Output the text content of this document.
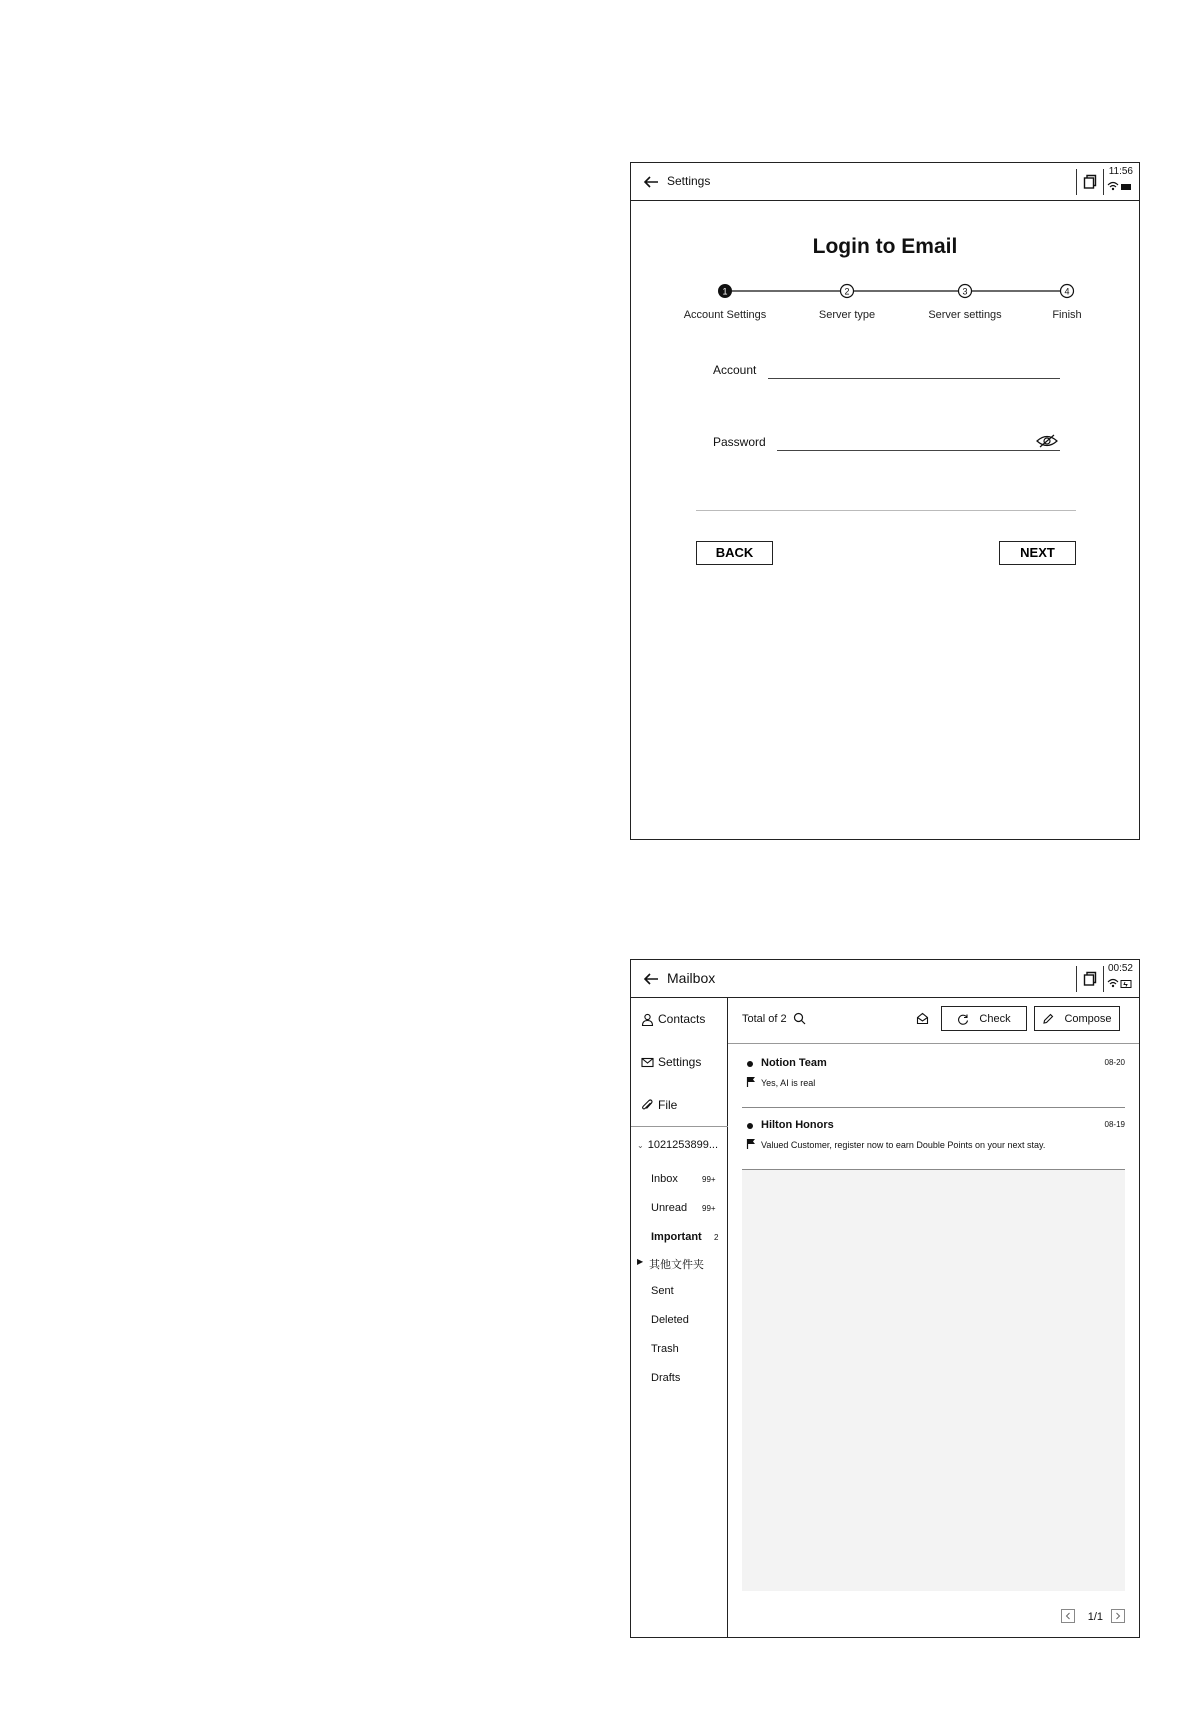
Settings
11:56
Login to Email
1	2	3	4
Account Settings	Server type	Server settings	Finish
Account
Password
BACK	NEXT
Mailbox
00:52
Contacts
Settings
File
⌄ 1021253899...
Inbox	99+
Unread 99+
Important 2
▶ 其他文件夹
Sent
Deleted
Trash
Drafts
Total of 2	Check	Compose
Notion Team	08-20
Yes, AI is real
Hilton Honors	08-19
Valued Customer, register now to earn Double Points on your next stay.
1/1
